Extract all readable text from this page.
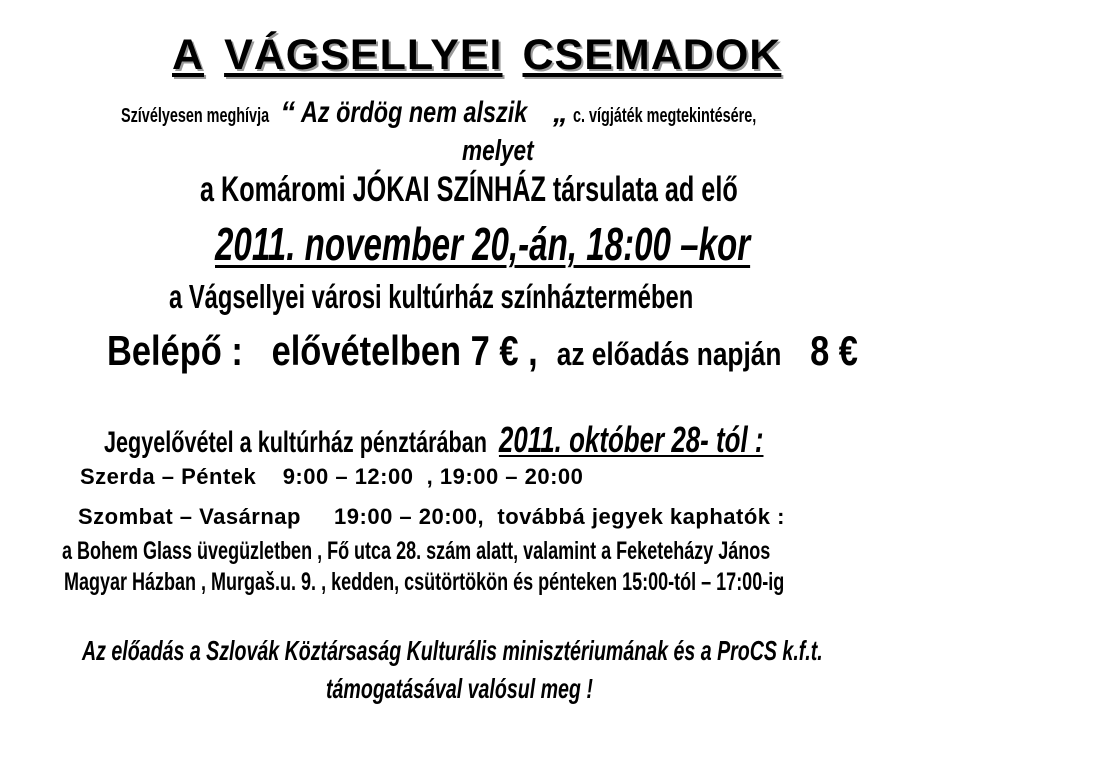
A VÁGSELLYEI CSEMADOK
Szívélyesen meghívja “ Az ördög nem alszik „ c. vígjáték megtekintésére,
melyet
a Komáromi JÓKAI SZÍNHÁZ társulata ad elő
2011. november 20,-án, 18:00 –kor
a Vágsellyei városi kultúrház színháztermében
Belépő : elővételben 7 € , az előadás napján 8 €
Jegyelővétel a kultúrház pénztárában 2011. október 28- tól :
Szerda – Péntek    9:00 – 12:00  , 19:00 – 20:00
Szombat – Vasárnap     19:00 – 20:00,  továbbá jegyek kaphatók :
a Bohem Glass üvegüzletben , Fő utca 28. szám alatt, valamint a Feketeházy János
Magyar Házban , Murgaš.u. 9. , kedden, csütörtökön és pénteken 15:00-tól – 17:00-ig
Az előadás a Szlovák Köztársaság Kulturális minisztériumának és a ProCS k.f.t.
támogatásával valósul meg !
